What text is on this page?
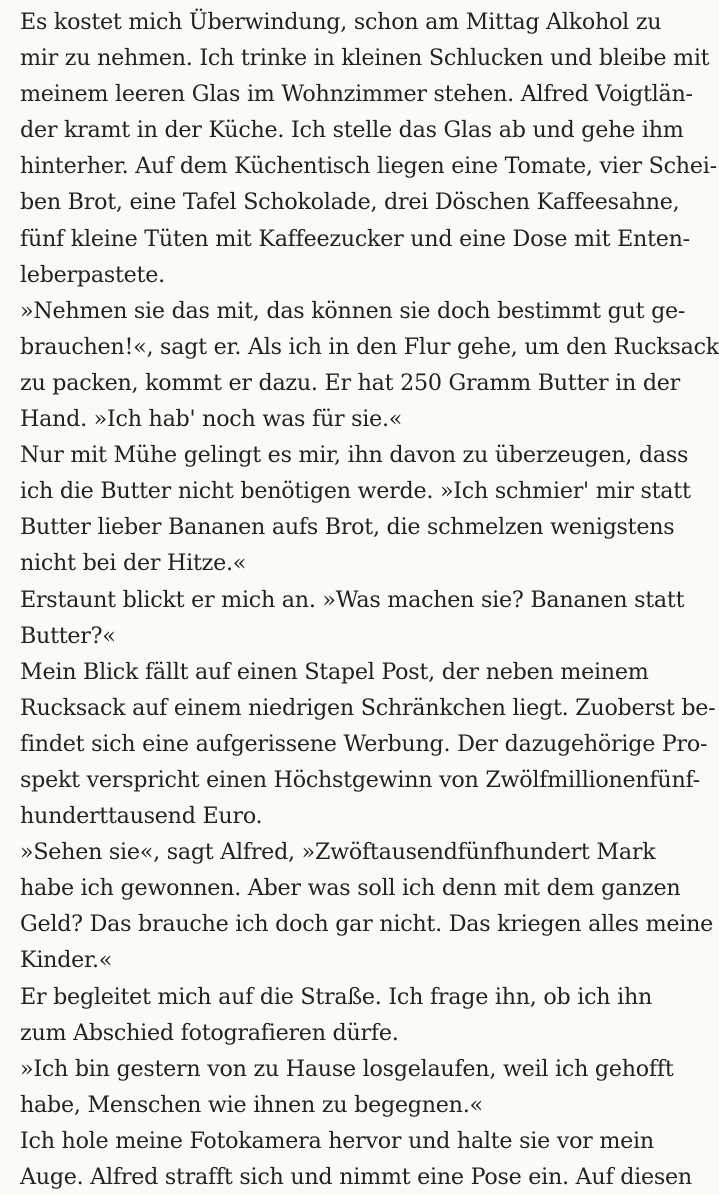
Es kostet mich Überwindung, schon am Mittag Alkohol zu
mir zu nehmen. Ich trinke in kleinen Schlucken und bleibe mit
meinem leeren Glas im Wohnzimmer stehen. Alfred Voigtlän-
der kramt in der Küche. Ich stelle das Glas ab und gehe ihm
hinterher. Auf dem Küchentisch liegen eine Tomate, vier Schei-
ben Brot, eine Tafel Schokolade, drei Döschen Kaffeesahne,
fünf kleine Tüten mit Kaffeezucker und eine Dose mit Enten-
leberpastete.
»Nehmen sie das mit, das können sie doch bestimmt gut ge-
brauchen!«, sagt er. Als ich in den Flur gehe, um den Rucksack
zu packen, kommt er dazu. Er hat 250 Gramm Butter in der
Hand. »Ich hab' noch was für sie.«
Nur mit Mühe gelingt es mir, ihn davon zu überzeugen, dass
ich die Butter nicht benötigen werde. »Ich schmier' mir statt
Butter lieber Bananen aufs Brot, die schmelzen wenigstens
nicht bei der Hitze.«
Erstaunt blickt er mich an. »Was machen sie? Bananen statt
Butter?«
Mein Blick fällt auf einen Stapel Post, der neben meinem
Rucksack auf einem niedrigen Schränkchen liegt. Zuoberst be-
findet sich eine aufgerissene Werbung. Der dazugehörige Pro-
spekt verspricht einen Höchstgewinn von Zwölfmillionenfünf-
hunderttausend Euro.
»Sehen sie«, sagt Alfred, »Zwöftausendfünfhundert Mark
habe ich gewonnen. Aber was soll ich denn mit dem ganzen
Geld? Das brauche ich doch gar nicht. Das kriegen alles meine
Kinder.«
Er begleitet mich auf die Straße. Ich frage ihn, ob ich ihn
zum Abschied fotografieren dürfe.
»Ich bin gestern von zu Hause losgelaufen, weil ich gehofft
habe, Menschen wie ihnen zu begegnen.«
Ich hole meine Fotokamera hervor und halte sie vor mein
Auge. Alfred strafft sich und nimmt eine Pose ein. Auf diesen
